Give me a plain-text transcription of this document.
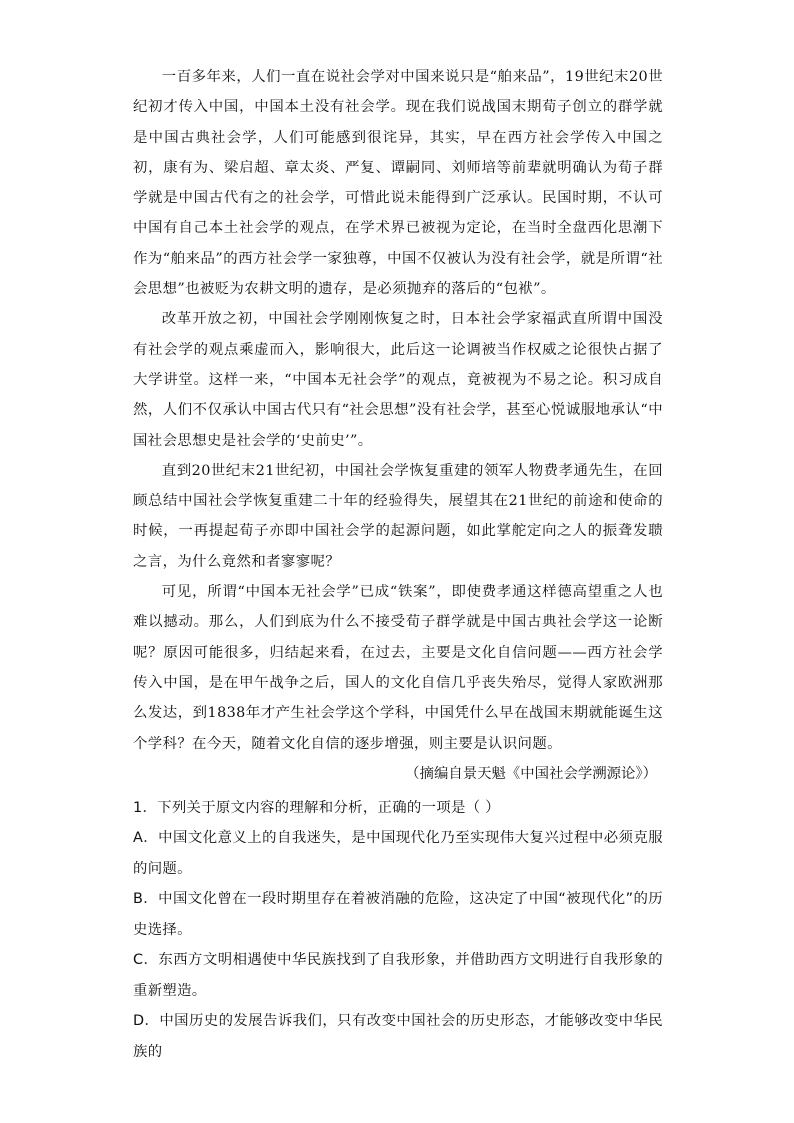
一百多年来，人们一直在说社会学对中国来说只是“舶来品”，19世纪末20世纪初才传入中国，中国本土没有社会学。现在我们说战国末期荀子创立的群学就是中国古典社会学，人们可能感到很诧异，其实，早在西方社会学传入中国之初，康有为、梁启超、章太炎、严复、谭嗣同、刘师培等前辈就明确认为荀子群学就是中国古代有之的社会学，可惜此说未能得到广泛承认。民国时期，不认可中国有自己本土社会学的观点，在学术界已被视为定论，在当时全盘西化思潮下作为“舶来品”的西方社会学一家独尊，中国不仅被认为没有社会学，就是所谓“社会思想”也被贬为农耕文明的遗存，是必须抛弃的落后的“包袱”。

改革开放之初，中国社会学刚刚恢复之时，日本社会学家福武直所谓中国没有社会学的观点乘虚而入，影响很大，此后这一论调被当作权威之论很快占据了大学讲堂。这样一来，“中国本无社会学”的观点，竟被视为不易之论。积习成自然，人们不仅承认中国古代只有“社会思想”没有社会学，甚至心悦诚服地承认“中国社会思想史是社会学的‘史前史’”。

直到20世纪末21世纪初，中国社会学恢复重建的领军人物费孝通先生，在回顾总结中国社会学恢复重建二十年的经验得失，展望其在21世纪的前途和使命的时候，一再提起荀子亦即中国社会学的起源问题，如此掌舵定向之人的振聋发聩之言，为什么竟然和者寥寥呢？

可见，所谓“中国本无社会学”已成“铁案”，即使费孝通这样德高望重之人也难以撼动。那么，人们到底为什么不接受荀子群学就是中国古典社会学这一论断呢？原因可能很多，归结起来看，在过去，主要是文化自信问题——西方社会学传入中国，是在甲午战争之后，国人的文化自信几乎丧失殆尽，觉得人家欧洲那么发达，到1838年才产生社会学这个学科，中国凭什么早在战国末期就能诞生这个学科？在今天，随着文化自信的逐步增强，则主要是认识问题。

（摘编自景天魁《中国社会学溯源论》）

1．下列关于原文内容的理解和分析，正确的一项是（ ）

A．中国文化意义上的自我迷失，是中国现代化乃至实现伟大复兴过程中必须克服的问题。

B．中国文化曾在一段时期里存在着被消融的危险，这决定了中国“被现代化”的历史选择。

C．东西方文明相遇使中华民族找到了自我形象，并借助西方文明进行自我形象的重新塑造。

D．中国历史的发展告诉我们，只有改变中国社会的历史形态，才能够改变中华民族的
